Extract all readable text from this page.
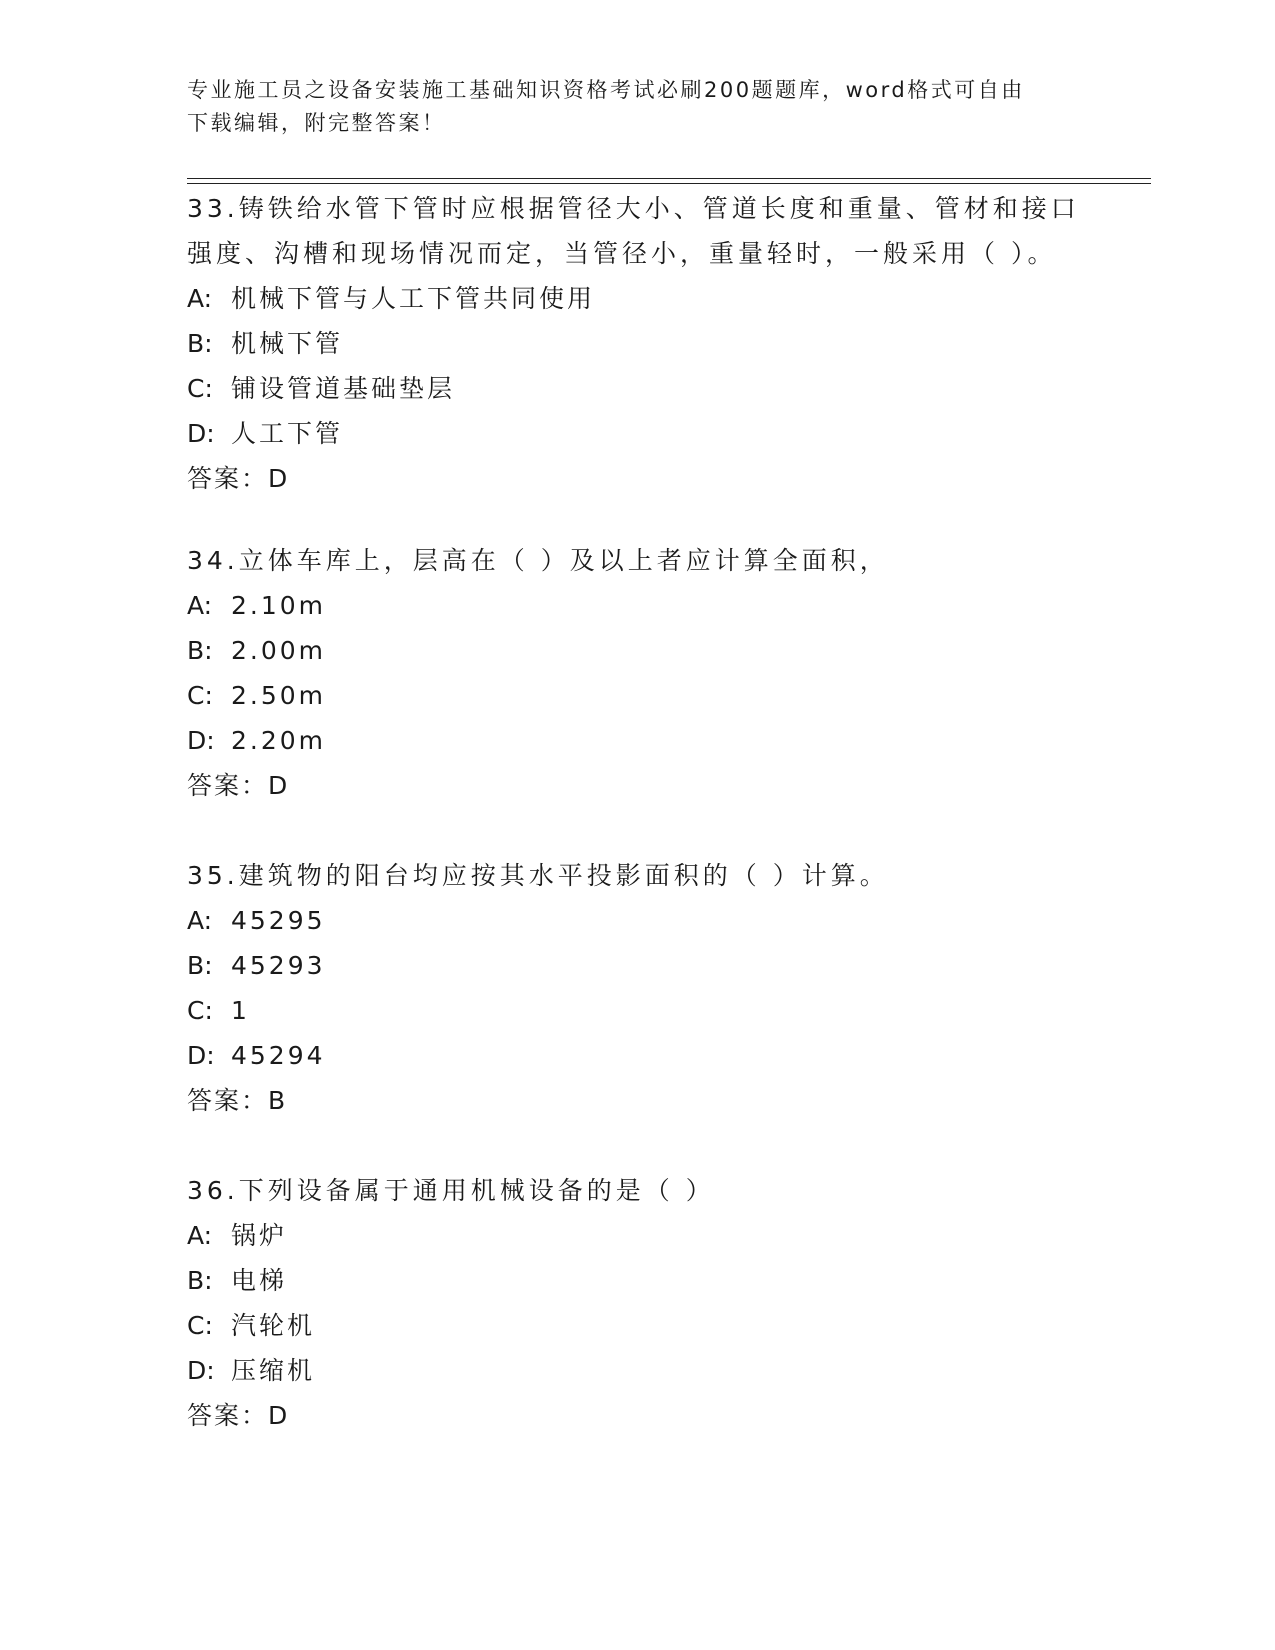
专业施工员之设备安装施工基础知识资格考试必刷200题题库，word格式可自由
下载编辑，附完整答案！
33.铸铁给水管下管时应根据管径大小、管道长度和重量、管材和接口强度、沟槽和现场情况而定，当管径小，重量轻时，一般采用（ ）。
A: 机械下管与人工下管共同使用
B: 机械下管
C: 铺设管道基础垫层
D: 人工下管
答案：D
34.立体车库上，层高在（ ）及以上者应计算全面积，
A: 2.10m
B: 2.00m
C: 2.50m
D: 2.20m
答案：D
35.建筑物的阳台均应按其水平投影面积的（ ）计算。
A: 45295
B: 45293
C: 1
D: 45294
答案：B
36.下列设备属于通用机械设备的是（ ）
A: 锅炉
B: 电梯
C: 汽轮机
D: 压缩机
答案：D
